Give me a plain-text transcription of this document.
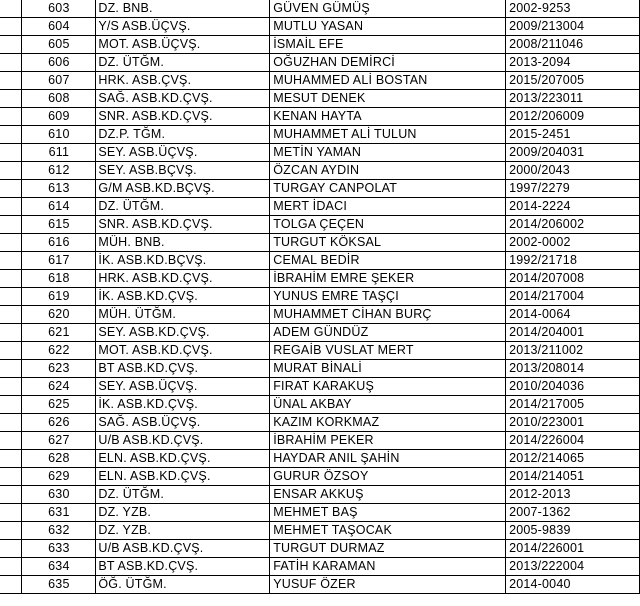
	603	DZ. BNB.	GÜVEN GÜMÜŞ	2002-9253
	604	Y/S ASB.ÜÇVŞ.	MUTLU YASAN	2009/213004
	605	MOT. ASB.ÜÇVŞ.	İSMAİL EFE	2008/211046
	606	DZ. ÜTĞM.	OĞUZHAN DEMİRCİ	2013-2094
	607	HRK. ASB.ÇVŞ.	MUHAMMED ALİ BOSTAN	2015/207005
	608	SAĞ. ASB.KD.ÇVŞ.	MESUT DENEK	2013/223011
	609	SNR. ASB.KD.ÇVŞ.	KENAN HAYTA	2012/206009
	610	DZ.P. TĞM.	MUHAMMET ALİ TULUN	2015-2451
	611	SEY. ASB.ÜÇVŞ.	METİN YAMAN	2009/204031
	612	SEY. ASB.BÇVŞ.	ÖZCAN AYDIN	2000/2043
	613	G/M ASB.KD.BÇVŞ.	TURGAY CANPOLAT	1997/2279
	614	DZ. ÜTĞM.	MERT İDACI	2014-2224
	615	SNR. ASB.KD.ÇVŞ.	TOLGA ÇEÇEN	2014/206002
	616	MÜH. BNB.	TURGUT KÖKSAL	2002-0002
	617	İK. ASB.KD.BÇVŞ.	CEMAL BEDİR	1992/21718
	618	HRK. ASB.KD.ÇVŞ.	İBRAHİM EMRE ŞEKER	2014/207008
	619	İK. ASB.KD.ÇVŞ.	YUNUS EMRE TAŞÇI	2014/217004
	620	MÜH. ÜTĞM.	MUHAMMET CİHAN BURÇ	2014-0064
	621	SEY. ASB.KD.ÇVŞ.	ADEM GÜNDÜZ	2014/204001
	622	MOT. ASB.KD.ÇVŞ.	REGAİB VUSLAT MERT	2013/211002
	623	BT ASB.KD.ÇVŞ.	MURAT BİNALİ	2013/208014
	624	SEY. ASB.ÜÇVŞ.	FIRAT KARAKUŞ	2010/204036
	625	İK. ASB.KD.ÇVŞ.	ÜNAL AKBAY	2014/217005
	626	SAĞ. ASB.ÜÇVŞ.	KAZIM KORKMAZ	2010/223001
	627	U/B ASB.KD.ÇVŞ.	İBRAHİM PEKER	2014/226004
	628	ELN. ASB.KD.ÇVŞ.	HAYDAR ANIL ŞAHİN	2012/214065
	629	ELN. ASB.KD.ÇVŞ.	GURUR ÖZSOY	2014/214051
	630	DZ. ÜTĞM.	ENSAR AKKUŞ	2012-2013
	631	DZ. YZB.	MEHMET BAŞ	2007-1362
	632	DZ. YZB.	MEHMET TAŞOCAK	2005-9839
	633	U/B ASB.KD.ÇVŞ.	TURGUT DURMAZ	2014/226001
	634	BT ASB.KD.ÇVŞ.	FATİH KARAMAN	2013/222004
	635	ÖĞ. ÜTĞM.	YUSUF ÖZER	2014-0040
